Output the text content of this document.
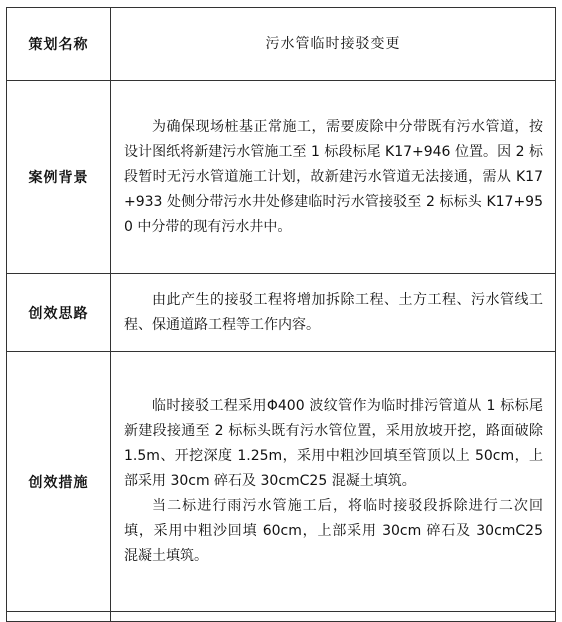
策划名称	污水管临时接驳变更
案例背景	为确保现场桩基正常施工，需要废除中分带既有污水管道，按设计图纸将新建污水管施工至 1 标段标尾 K17+946 位置。因 2 标段暂时无污水管道施工计划，故新建污水管道无法接通，需从 K17+933 处侧分带污水井处修建临时污水管接驳至 2 标标头 K17+950 中分带的现有污水井中。

创效思路	由此产生的接驳工程将增加拆除工程、土方工程、污水管线工程、保通道路工程等工作内容。

创效措施	临时接驳工程采用Φ400 波纹管作为临时排污管道从 1 标标尾新建段接通至 2 标标头既有污水管位置，采用放坡开挖，路面破除 1.5m、开挖深度 1.25m，采用中粗沙回填至管顶以上 50cm，上部采用 30cm 碎石及 30cmC25 混凝土填筑。

当二标进行雨污水管施工后，将临时接驳段拆除进行二次回填，采用中粗沙回填 60cm，上部采用 30cm 碎石及 30cmC25 混凝土填筑。
